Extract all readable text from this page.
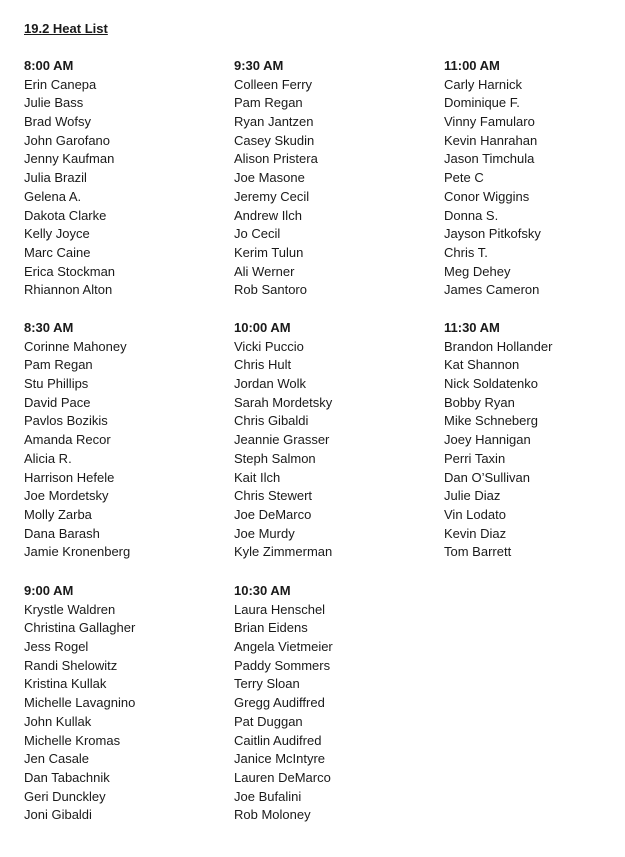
19.2 Heat List
8:00 AM
Erin Canepa
Julie Bass
Brad Wofsy
John Garofano
Jenny Kaufman
Julia Brazil
Gelena A.
Dakota Clarke
Kelly Joyce
Marc Caine
Erica Stockman
Rhiannon Alton
9:30 AM
Colleen Ferry
Pam Regan
Ryan Jantzen
Casey Skudin
Alison Pristera
Joe Masone
Jeremy Cecil
Andrew Ilch
Jo Cecil
Kerim Tulun
Ali Werner
Rob Santoro
11:00 AM
Carly Harnick
Dominique F.
Vinny Famularo
Kevin Hanrahan
Jason Timchula
Pete C
Conor Wiggins
Donna S.
Jayson Pitkofsky
Chris T.
Meg Dehey
James Cameron
8:30 AM
Corinne Mahoney
Pam Regan
Stu Phillips
David Pace
Pavlos Bozikis
Amanda Recor
Alicia R.
Harrison Hefele
Joe Mordetsky
Molly Zarba
Dana Barash
Jamie Kronenberg
10:00 AM
Vicki Puccio
Chris Hult
Jordan Wolk
Sarah Mordetsky
Chris Gibaldi
Jeannie Grasser
Steph Salmon
Kait Ilch
Chris Stewert
Joe DeMarco
Joe Murdy
Kyle Zimmerman
11:30 AM
Brandon Hollander
Kat Shannon
Nick Soldatenko
Bobby Ryan
Mike Schneberg
Joey Hannigan
Perri Taxin
Dan O’Sullivan
Julie Diaz
Vin Lodato
Kevin Diaz
Tom Barrett
9:00 AM
Krystle Waldren
Christina Gallagher
Jess Rogel
Randi Shelowitz
Kristina Kullak
Michelle Lavagnino
John Kullak
Michelle Kromas
Jen Casale
Dan Tabachnik
Geri Dunckley
Joni Gibaldi
10:30 AM
Laura Henschel
Brian Eidens
Angela Vietmeier
Paddy Sommers
Terry Sloan
Gregg Audiffred
Pat Duggan
Caitlin Audifred
Janice McIntyre
Lauren DeMarco
Joe Bufalini
Rob Moloney
